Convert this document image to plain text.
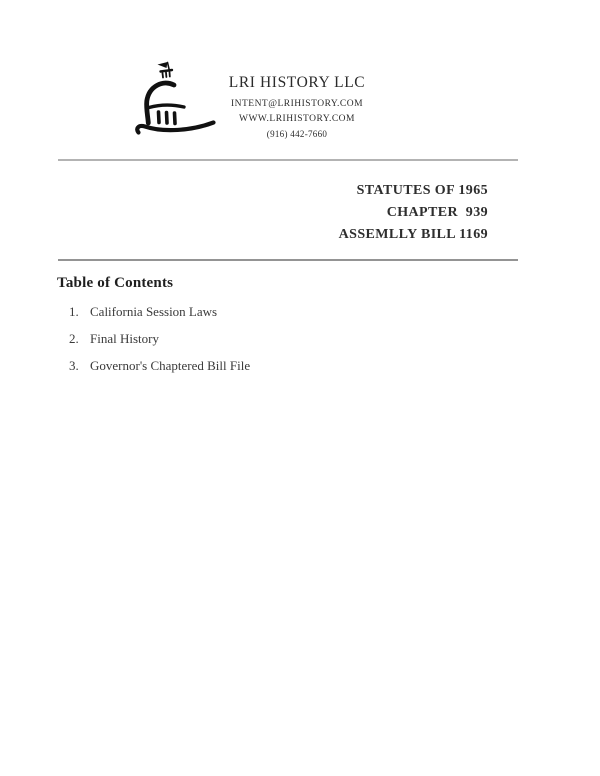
LRI HISTORY LLC
INTENT@LRIHISTORY.COM
WWW.LRIHISTORY.COM
(916) 442-7660
STATUTES OF 1965
CHAPTER  939
ASSEMLLY BILL 1169
Table of Contents
1. California Session Laws
2. Final History
3. Governor's Chaptered Bill File
